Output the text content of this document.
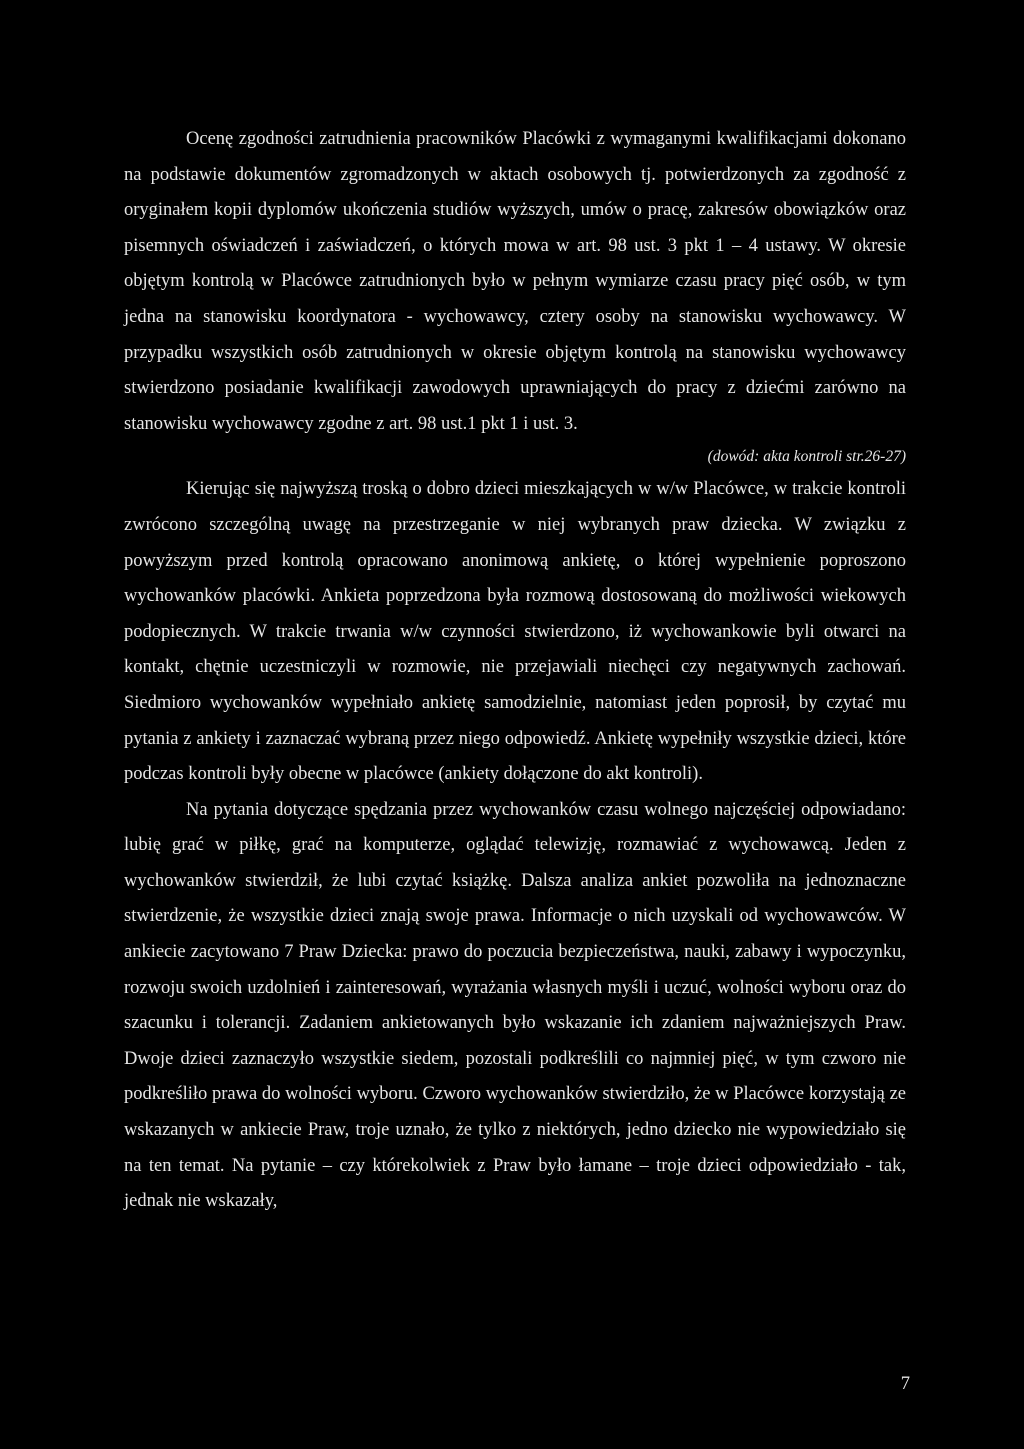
Ocenę zgodności zatrudnienia pracowników Placówki z wymaganymi kwalifikacjami dokonano na podstawie dokumentów zgromadzonych w aktach osobowych tj. potwierdzonych za zgodność z oryginałem kopii dyplomów ukończenia studiów wyższych, umów o pracę, zakresów obowiązków oraz pisemnych oświadczeń i zaświadczeń, o których mowa w art. 98 ust. 3 pkt 1 – 4 ustawy. W okresie objętym kontrolą w Placówce zatrudnionych było w pełnym wymiarze czasu pracy pięć osób, w tym jedna na stanowisku koordynatora - wychowawcy, cztery osoby na stanowisku wychowawcy. W przypadku wszystkich osób zatrudnionych w okresie objętym kontrolą na stanowisku wychowawcy stwierdzono posiadanie kwalifikacji zawodowych uprawniających do pracy z dziećmi zarówno na stanowisku wychowawcy zgodne z art. 98 ust.1 pkt 1 i ust. 3.

(dowód: akta kontroli str.26-27)

Kierując się najwyższą troską o dobro dzieci mieszkających w w/w Placówce, w trakcie kontroli zwrócono szczególną uwagę na przestrzeganie w niej wybranych praw dziecka. W związku z powyższym przed kontrolą opracowano anonimową ankietę, o której wypełnienie poproszono wychowanków placówki. Ankieta poprzedzona była rozmową dostosowaną do możliwości wiekowych podopiecznych. W trakcie trwania w/w czynności stwierdzono, iż wychowankowie byli otwarci na kontakt, chętnie uczestniczyli w rozmowie, nie przejawiali niechęci czy negatywnych zachowań. Siedmioro wychowanków wypełniało ankietę samodzielnie, natomiast jeden poprosił, by czytać mu pytania z ankiety i zaznaczać wybraną przez niego odpowiedź. Ankietę wypełniły wszystkie dzieci, które podczas kontroli były obecne w placówce (ankiety dołączone do akt kontroli).

Na pytania dotyczące spędzania przez wychowanków czasu wolnego najczęściej odpowiadano: lubię grać w piłkę, grać na komputerze, oglądać telewizję, rozmawiać z wychowawcą. Jeden z wychowanków stwierdził, że lubi czytać książkę. Dalsza analiza ankiet pozwoliła na jednoznaczne stwierdzenie, że wszystkie dzieci znają swoje prawa. Informacje o nich uzyskali od wychowawców. W ankiecie zacytowano 7 Praw Dziecka: prawo do poczucia bezpieczeństwa, nauki, zabawy i wypoczynku, rozwoju swoich uzdolnień i zainteresowań, wyrażania własnych myśli i uczuć, wolności wyboru oraz do szacunku i tolerancji. Zadaniem ankietowanych było wskazanie ich zdaniem najważniejszych Praw. Dwoje dzieci zaznaczyło wszystkie siedem, pozostali podkreślili co najmniej pięć, w tym czworo nie podkreśliło prawa do wolności wyboru. Czworo wychowanków stwierdziło, że w Placówce korzystają ze wskazanych w ankiecie Praw, troje uznało, że tylko z niektórych, jedno dziecko nie wypowiedziało się na ten temat. Na pytanie – czy którekolwiek z Praw było łamane – troje dzieci odpowiedziało - tak, jednak nie wskazały,

7
